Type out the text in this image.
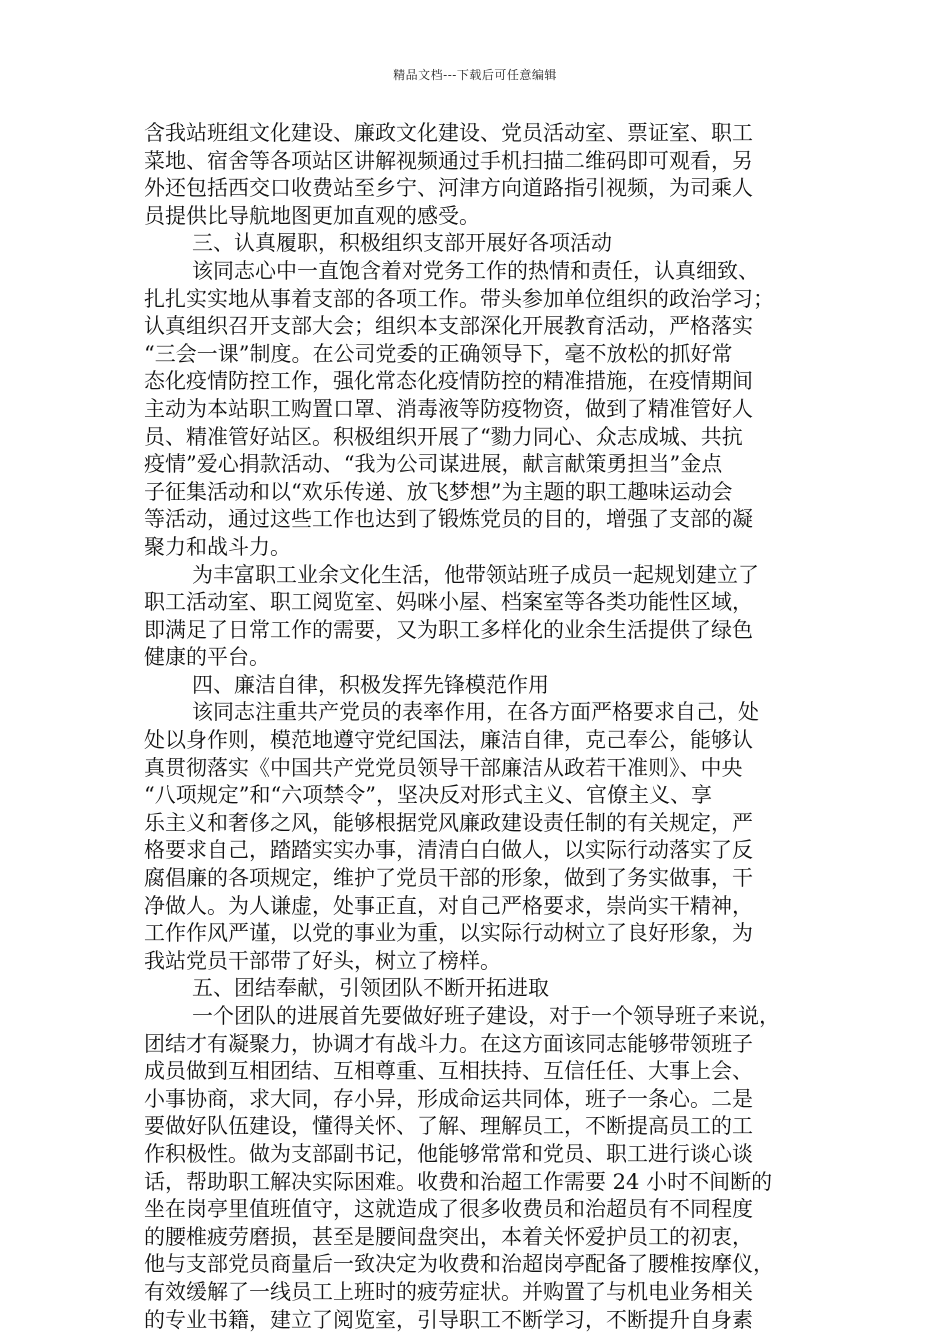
精品文档---下载后可任意编辑
含我站班组文化建设、廉政文化建设、党员活动室、票证室、职工
菜地、宿舍等各项站区讲解视频通过手机扫描二维码即可观看，另
外还包括西交口收费站至乡宁、河津方向道路指引视频，为司乘人
员提供比导航地图更加直观的感受。
三、认真履职，积极组织支部开展好各项活动
该同志心中一直饱含着对党务工作的热情和责任，认真细致、
扎扎实实地从事着支部的各项工作。带头参加单位组织的政治学习；
认真组织召开支部大会；组织本支部深化开展教育活动，严格落实
“三会一课”制度。在公司党委的正确领导下，毫不放松的抓好常
态化疫情防控工作，强化常态化疫情防控的精准措施，在疫情期间
主动为本站职工购置口罩、消毒液等防疫物资，做到了精准管好人
员、精准管好站区。积极组织开展了“勠力同心、众志成城、共抗
疫情”爱心捐款活动、“我为公司谋进展，献言献策勇担当”金点
子征集活动和以“欢乐传递、放飞梦想”为主题的职工趣味运动会
等活动，通过这些工作也达到了锻炼党员的目的，增强了支部的凝
聚力和战斗力。
为丰富职工业余文化生活，他带领站班子成员一起规划建立了
职工活动室、职工阅览室、妈咪小屋、档案室等各类功能性区域，
即满足了日常工作的需要，又为职工多样化的业余生活提供了绿色
健康的平台。
四、廉洁自律，积极发挥先锋模范作用
该同志注重共产党员的表率作用，在各方面严格要求自己，处
处以身作则，模范地遵守党纪国法，廉洁自律，克己奉公，能够认
真贯彻落实《中国共产党党员领导干部廉洁从政若干准则》、中央
“八项规定”和“六项禁令”，坚决反对形式主义、官僚主义、享
乐主义和奢侈之风，能够根据党风廉政建设责任制的有关规定，严
格要求自己，踏踏实实办事，清清白白做人，以实际行动落实了反
腐倡廉的各项规定，维护了党员干部的形象，做到了务实做事，干
净做人。为人谦虚，处事正直，对自己严格要求，崇尚实干精神，
工作作风严谨，以党的事业为重，以实际行动树立了良好形象，为
我站党员干部带了好头，树立了榜样。
五、团结奉献，引领团队不断开拓进取
一个团队的进展首先要做好班子建设，对于一个领导班子来说，
团结才有凝聚力，协调才有战斗力。在这方面该同志能够带领班子
成员做到互相团结、互相尊重、互相扶持、互信任任、大事上会、
小事协商，求大同，存小异，形成命运共同体，班子一条心。二是
要做好队伍建设，懂得关怀、了解、理解员工，不断提高员工的工
作积极性。做为支部副书记，他能够常常和党员、职工进行谈心谈
话，帮助职工解决实际困难。收费和治超工作需要 24 小时不间断的
坐在岗亭里值班值守，这就造成了很多收费员和治超员有不同程度
的腰椎疲劳磨损，甚至是腰间盘突出，本着关怀爱护员工的初衷，
他与支部党员商量后一致决定为收费和治超岗亭配备了腰椎按摩仪，
有效缓解了一线员工上班时的疲劳症状。并购置了与机电业务相关
的专业书籍，建立了阅览室，引导职工不断学习，不断提升自身素
